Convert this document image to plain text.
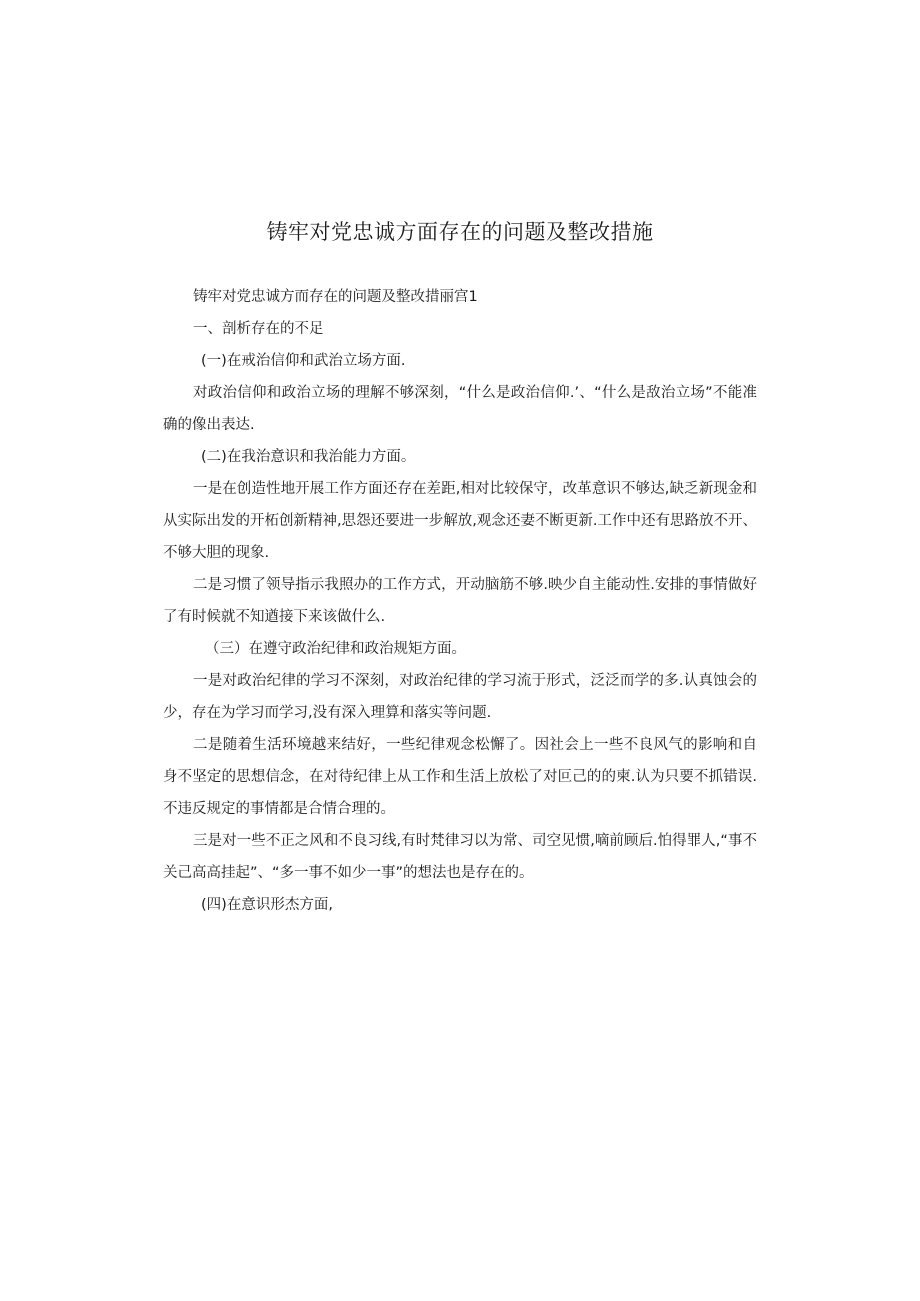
铸牢对党忠诚方面存在的问题及整改措施

铸牢对党忠诚方而存在的问题及整改措丽宫1

一、剖析存在的不足

(一)在戒治信仰和武治立场方面.

对政治信仰和政治立场的理解不够深刻，“什么是政治信仰.’、“什么是敌治立场”不能准确的像出表达.

(二)在我治意识和我治能力方面。

一是在创造性地开展工作方面还存在差距,相对比较保守，改革意识不够达,缺乏新现金和从实际出发的开柘创新精神,思怨还要进一步解放,观念还妻不断更新.工作中还有思路放不开、不够大胆的现象.

二是习惯了领导指示我照办的工作方式，开动脑筋不够.映少自主能动性.安排的事情做好了有时候就不知遒接下来该做什么.

（三）在遵守政治纪律和政治规矩方面。

一是对政治纪律的学习不深刻，对政治纪律的学习流于形式，泛泛而学的多.认真蚀会的少，存在为学习而学习,没有深入理算和落实等问题.

二是随着生活环境越来结好，一些纪律观念松懈了。因社会上一些不良风气的影响和自身不坚定的思想信念，在对待纪律上从工作和生活上放松了对叵己的的柬.认为只要不抓错误.不违反规定的事情都是合情合理的。

三是对一些不正之风和不良习线,有时梵律习以为常、司空见惯,嘀前顾后.怕得罪人,“事不关己高高挂起”、“多一事不如少一事”的想法也是存在的。

(四)在意识形杰方面,
